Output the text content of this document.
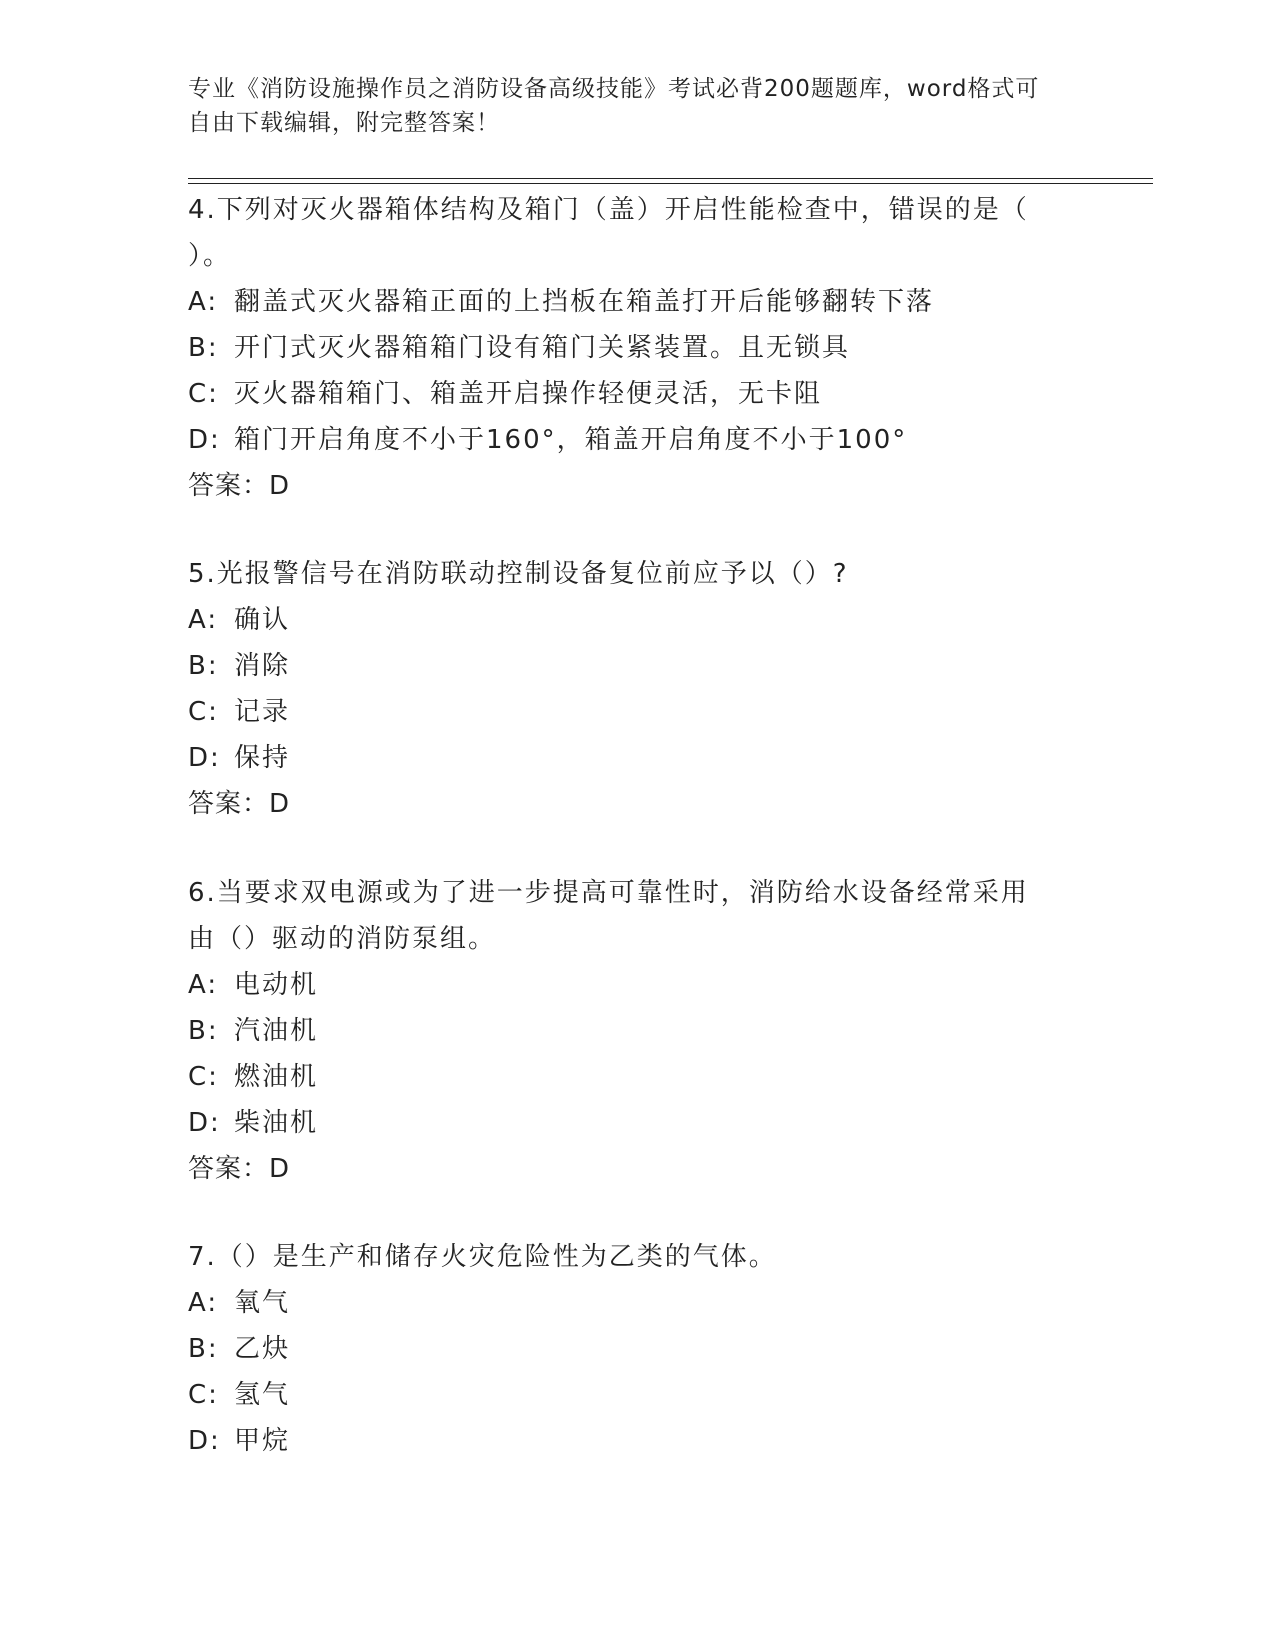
专业《消防设施操作员之消防设备高级技能》考试必背200题题库，word格式可
自由下载编辑，附完整答案！
4.下列对灭火器箱体结构及箱门（盖）开启性能检查中，错误的是（
）。
A: 翻盖式灭火器箱正面的上挡板在箱盖打开后能够翻转下落
B: 开门式灭火器箱箱门设有箱门关紧装置。且无锁具
C: 灭火器箱箱门、箱盖开启操作轻便灵活，无卡阻
D: 箱门开启角度不小于160°，箱盖开启角度不小于100°
答案：D
5.光报警信号在消防联动控制设备复位前应予以（）?
A: 确认
B: 消除
C: 记录
D: 保持
答案：D
6.当要求双电源或为了进一步提高可靠性时，消防给水设备经常采用
由（）驱动的消防泵组。
A: 电动机
B: 汽油机
C: 燃油机
D: 柴油机
答案：D
7.（）是生产和储存火灾危险性为乙类的气体。
A: 氧气
B: 乙炔
C: 氢气
D: 甲烷
